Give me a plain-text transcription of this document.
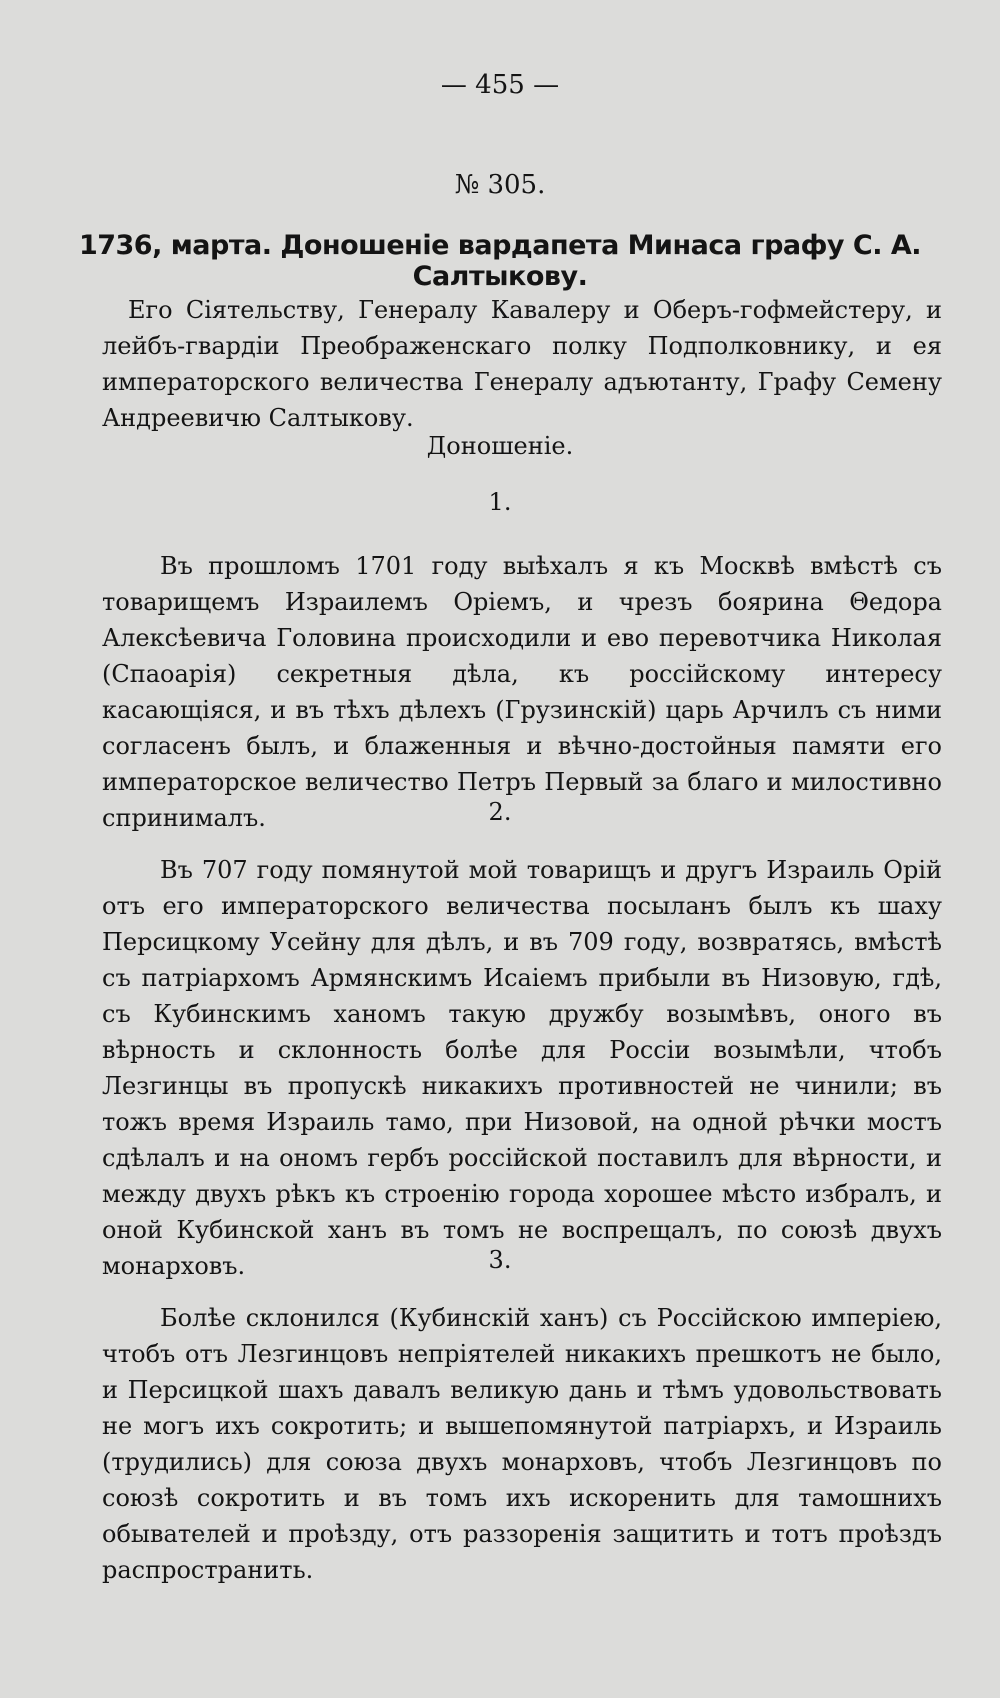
— 455 —
№ 305.
1736, марта. Доношеніе вардапета Минаса графу С. А. Салтыкову.
Его Сіятельству, Генералу Кавалеру и Оберъ-гофмейстеру, и лейбъ-гвардіи Преображенскаго полку Подполковнику, и ея императорского величества Генералу адъютанту, Графу Семену Андреевичю Салтыкову.
Доношеніе.
1.

Въ прошломъ 1701 году выѣхалъ я къ Москвѣ вмѣстѣ съ товарищемъ Израилемъ Оріемъ, и чрезъ боярина Θедора Алексѣевича Головина происходили и ево перевотчика Николая (Спаоарія) секретныя дѣла, къ россійскому интересу касающіяся, и въ тѣхъ дѣлехъ (Грузинскій) царь Арчилъ съ ними согласенъ былъ, и блаженныя и вѣчно-достойныя памяти его императорское величество Петръ Первый за благо и милостивно спринималъ.	2.

Въ 707 году помянутой мой товарищъ и другъ Израиль Орій отъ его императорского величества посыланъ былъ къ шаху Персицкому Усейну для дѣлъ, и въ 709 году, возвратясь, вмѣстѣ съ патріархомъ Армянскимъ Исаіемъ прибыли въ Низовую, гдѣ, съ Кубинскимъ ханомъ такую дружбу возымѣвъ, оного въ вѣрность и склонность болѣе для Россіи возымѣли, чтобъ Лезгинцы въ пропускѣ никакихъ противностей не чинили; въ тожъ время Израиль тамо, при Низовой, на одной рѣчки мостъ сдѣлалъ и на ономъ гербъ россійской поставилъ для вѣрности, и между двухъ рѣкъ къ строенію города хорошее мѣсто избралъ, и оной Кубинской ханъ въ томъ не воспрещалъ, по союзѣ двухъ монарховъ.	3.

Болѣе склонился (Кубинскій ханъ) съ Россійскою имперіею, чтобъ отъ Лезгинцовъ непріятелей никакихъ прешкотъ не было, и Персицкой шахъ давалъ великую дань и тѣмъ удовольствовать не могъ ихъ сокротить; и вышепомянутой патріархъ, и Израиль (трудились) для союза двухъ монарховъ, чтобъ Лезгинцовъ по союзѣ сокротить и въ томъ ихъ искоренить для тамошнихъ обывателей и проѣзду, отъ раззоренія защитить и тотъ проѣздъ распространить.
